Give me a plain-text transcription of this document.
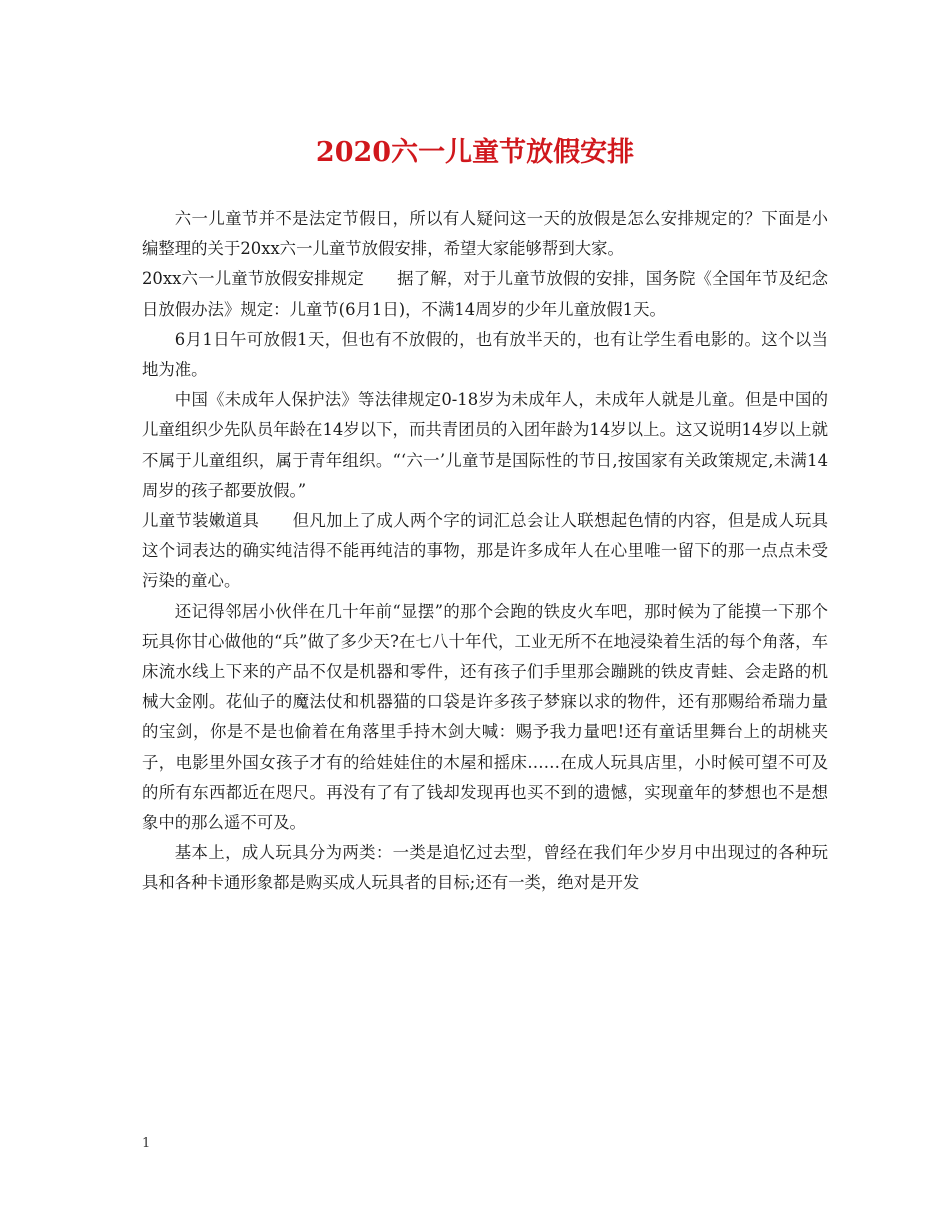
2020六一儿童节放假安排

六一儿童节并不是法定节假日，所以有人疑问这一天的放假是怎么安排规定的？下面是小编整理的关于20xx六一儿童节放假安排，希望大家能够帮到大家。

20xx六一儿童节放假安排规定　　据了解，对于儿童节放假的安排，国务院《全国年节及纪念日放假办法》规定：儿童节(6月1日)，不满14周岁的少年儿童放假1天。

6月1日午可放假1天，但也有不放假的，也有放半天的，也有让学生看电影的。这个以当地为准。

中国《未成年人保护法》等法律规定0-18岁为未成年人，未成年人就是儿童。但是中国的儿童组织少先队员年龄在14岁以下，而共青团员的入团年龄为14岁以上。这又说明14岁以上就不属于儿童组织，属于青年组织。“‘六一’儿童节是国际性的节日,按国家有关政策规定,未满14周岁的孩子都要放假。”

儿童节装嫩道具　　但凡加上了成人两个字的词汇总会让人联想起色情的内容，但是成人玩具这个词表达的确实纯洁得不能再纯洁的事物，那是许多成年人在心里唯一留下的那一点点未受污染的童心。

还记得邻居小伙伴在几十年前“显摆”的那个会跑的铁皮火车吧，那时候为了能摸一下那个玩具你甘心做他的“兵”做了多少天?在七八十年代，工业无所不在地浸染着生活的每个角落，车床流水线上下来的产品不仅是机器和零件，还有孩子们手里那会蹦跳的铁皮青蛙、会走路的机械大金刚。花仙子的魔法仗和机器猫的口袋是许多孩子梦寐以求的物件，还有那赐给希瑞力量的宝剑，你是不是也偷着在角落里手持木剑大喊：赐予我力量吧!还有童话里舞台上的胡桃夹子，电影里外国女孩子才有的给娃娃住的木屋和摇床……在成人玩具店里，小时候可望不可及的所有东西都近在咫尺。再没有了有了钱却发现再也买不到的遗憾，实现童年的梦想也不是想象中的那么遥不可及。

基本上，成人玩具分为两类：一类是追忆过去型，曾经在我们年少岁月中出现过的各种玩具和各种卡通形象都是购买成人玩具者的目标;还有一类，绝对是开发

1
